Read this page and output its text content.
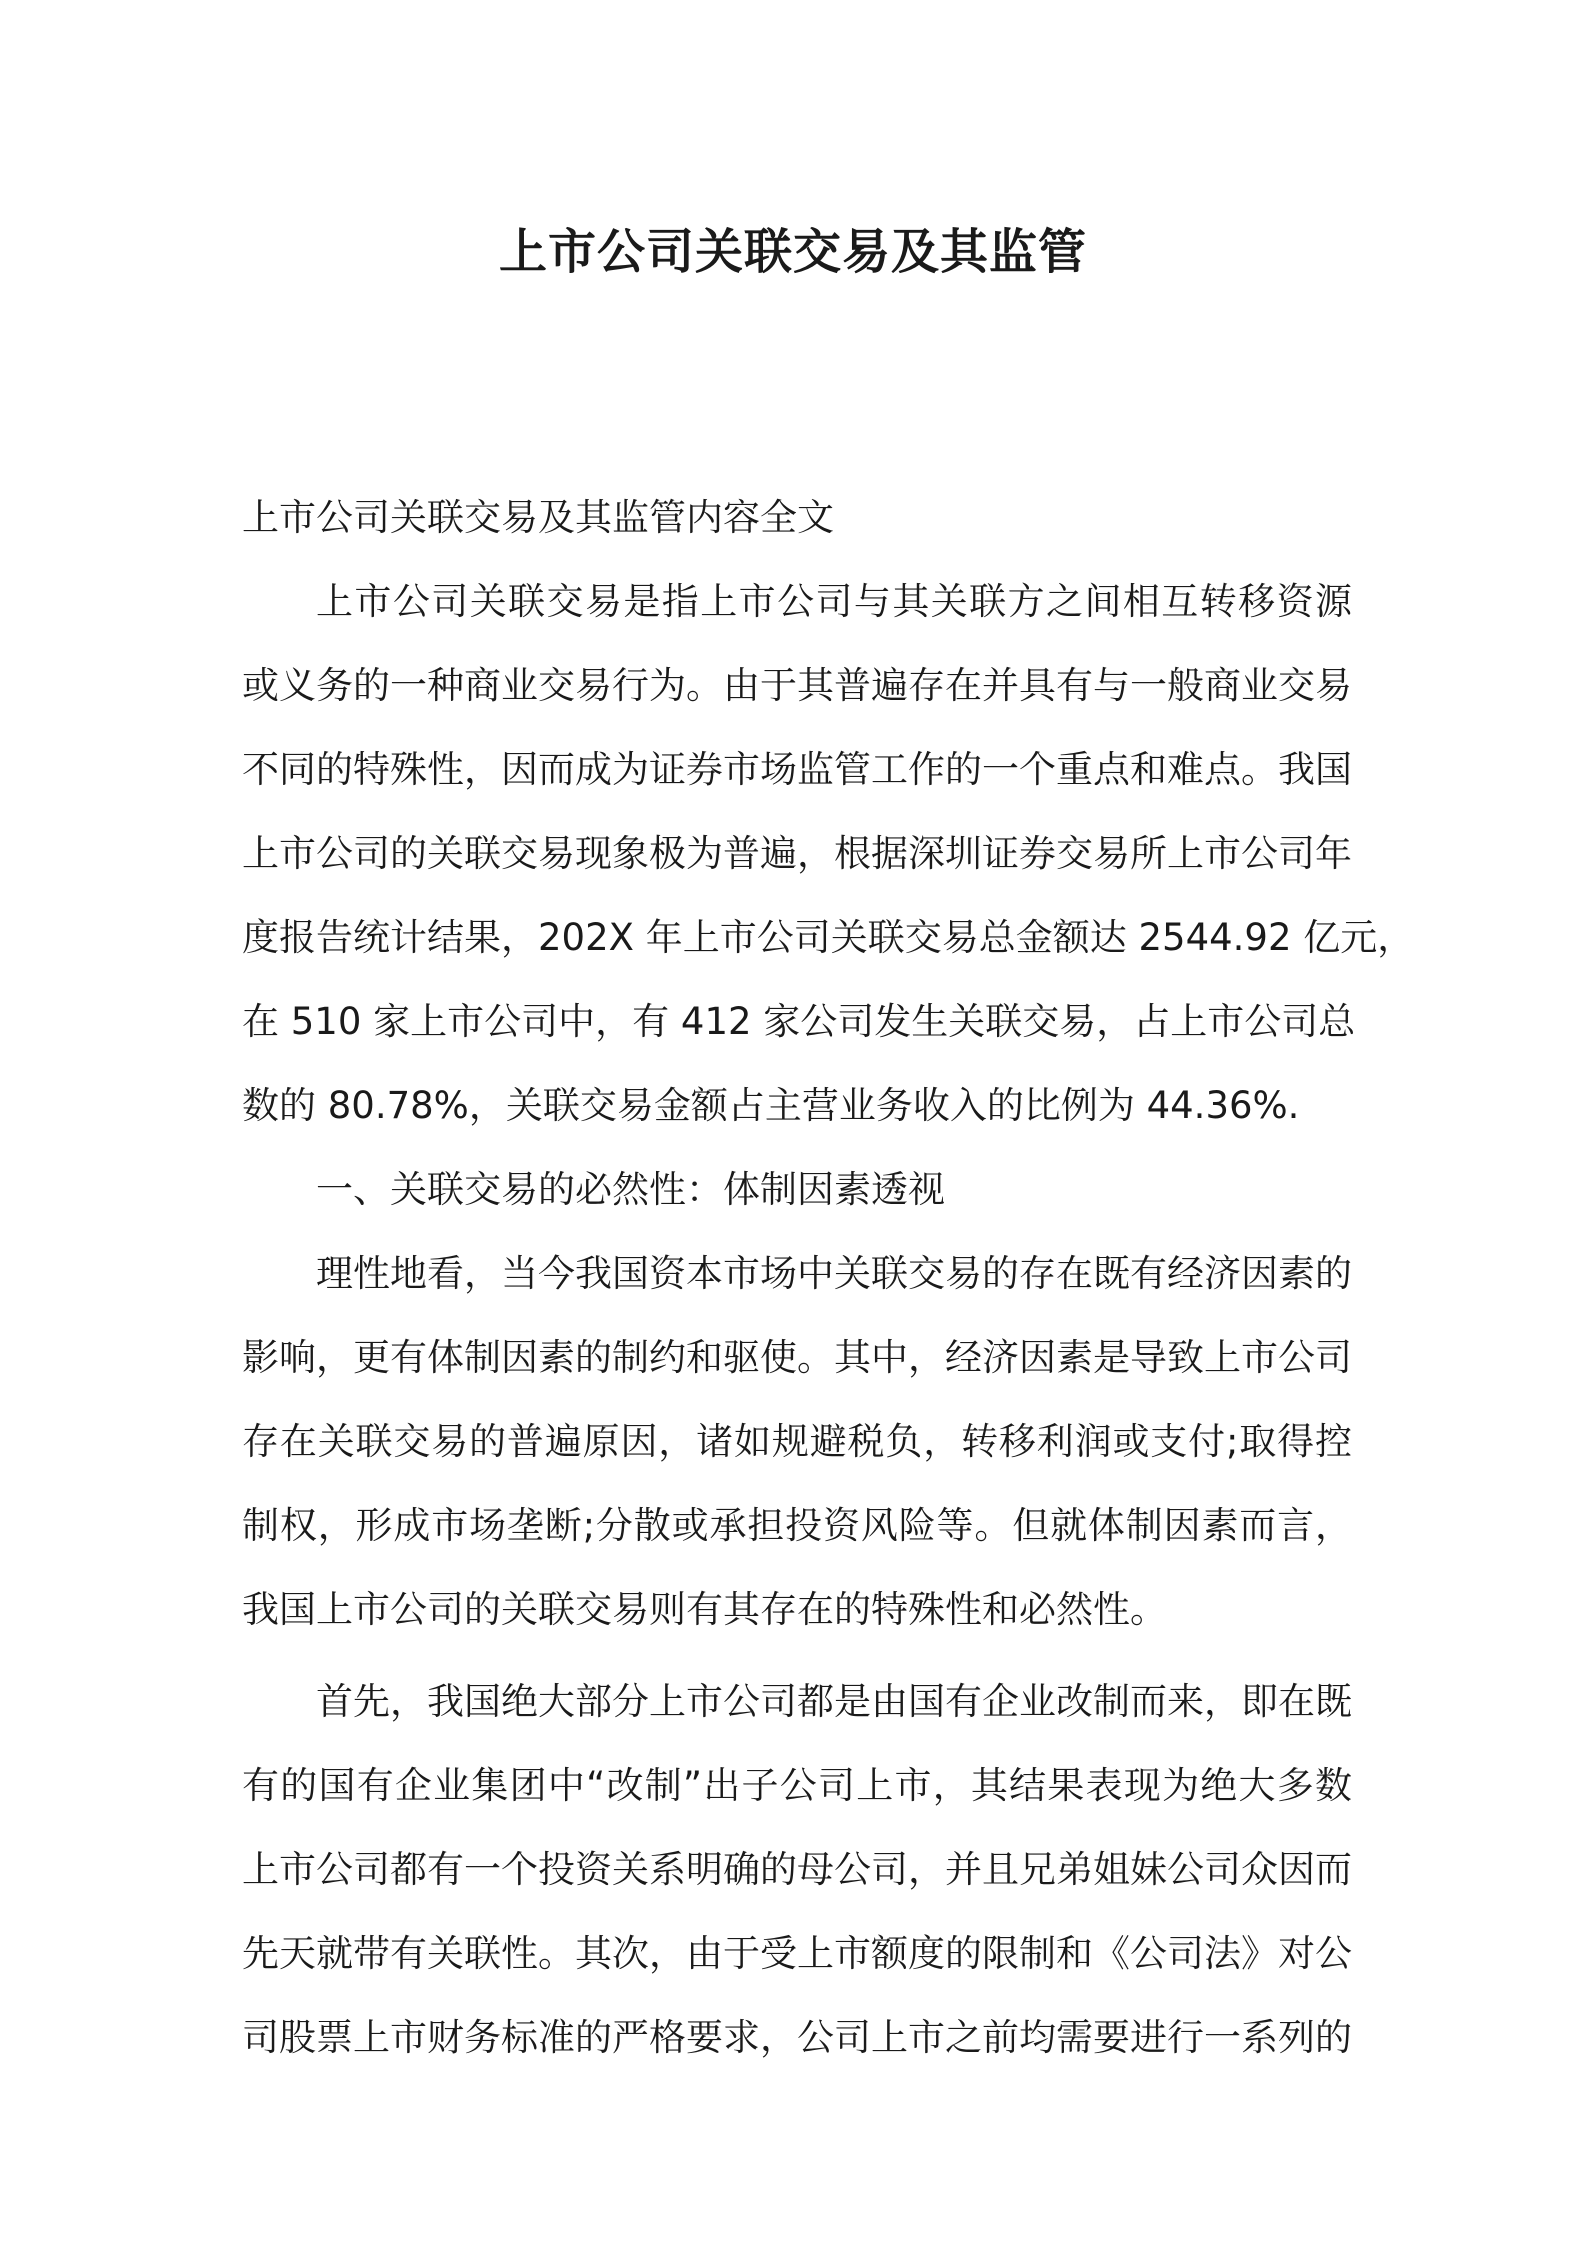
上市公司关联交易及其监管
上市公司关联交易及其监管内容全文
上市公司关联交易是指上市公司与其关联方之间相互转移资源
或义务的一种商业交易行为。由于其普遍存在并具有与一般商业交易
不同的特殊性，因而成为证券市场监管工作的一个重点和难点。我国
上市公司的关联交易现象极为普遍，根据深圳证券交易所上市公司年
度报告统计结果，202X 年上市公司关联交易总金额达 2544.92 亿元，
在 510 家上市公司中，有 412 家公司发生关联交易，占上市公司总
数的 80.78%，关联交易金额占主营业务收入的比例为 44.36%.
一、关联交易的必然性：体制因素透视
理性地看，当今我国资本市场中关联交易的存在既有经济因素的
影响，更有体制因素的制约和驱使。其中，经济因素是导致上市公司
存在关联交易的普遍原因，诸如规避税负，转移利润或支付;取得控
制权，形成市场垄断;分散或承担投资风险等。但就体制因素而言，
我国上市公司的关联交易则有其存在的特殊性和必然性。
首先，我国绝大部分上市公司都是由国有企业改制而来，即在既
有的国有企业集团中“改制”出子公司上市，其结果表现为绝大多数
上市公司都有一个投资关系明确的母公司，并且兄弟姐妹公司众因而
先天就带有关联性。其次，由于受上市额度的限制和《公司法》对公
司股票上市财务标准的严格要求，公司上市之前均需要进行一系列的
